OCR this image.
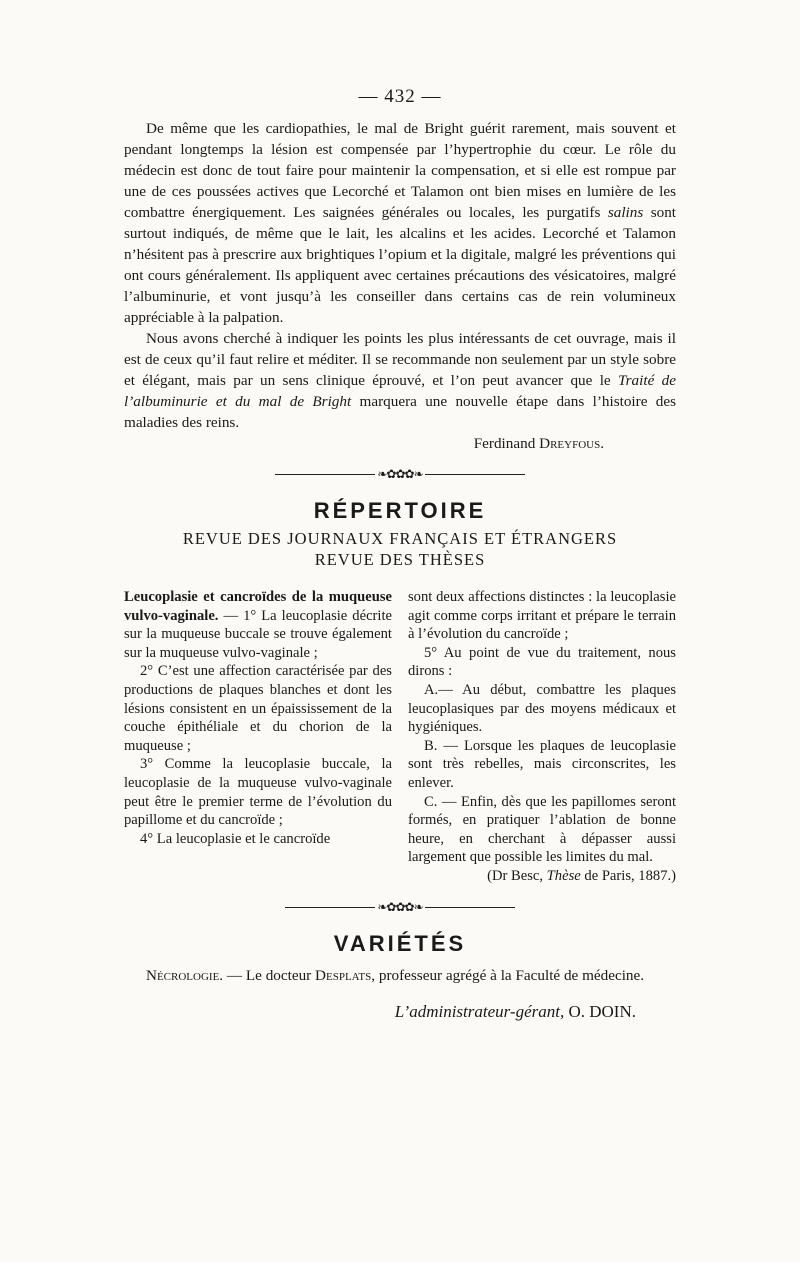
— 432 —

De même que les cardiopathies, le mal de Bright guérit rarement, mais souvent et pendant longtemps la lésion est compensée par l’hypertrophie du cœur. Le rôle du médecin est donc de tout faire pour maintenir la compensation, et si elle est rompue par une de ces poussées actives que Lecorché et Talamon ont bien mises en lumière de les combattre énergiquement. Les saignées générales ou locales, les purgatifs salins sont surtout indiqués, de même que le lait, les alcalins et les acides. Lecorché et Talamon n’hésitent pas à prescrire aux brightiques l’opium et la digitale, malgré les préventions qui ont cours généralement. Ils appliquent avec certaines précautions des vésicatoires, malgré l’albuminurie, et vont jusqu’à les conseiller dans certains cas de rein volumineux appréciable à la palpation.

Nous avons cherché à indiquer les points les plus intéressants de cet ouvrage, mais il est de ceux qu’il faut relire et méditer. Il se recommande non seulement par un style sobre et élégant, mais par un sens clinique éprouvé, et l’on peut avancer que le Traité de l’albuminurie et du mal de Bright marquera une nouvelle étape dans l’histoire des maladies des reins.

Ferdinand Dreyfous.
❧✿✿✿❧
RÉPERTOIRE

REVUE DES JOURNAUX FRANÇAIS ET ÉTRANGERS

REVUE DES THÈSES

Leucoplasie et cancroïdes de la muqueuse vulvo-vaginale. — 1° La leucoplasie décrite sur la muqueuse buccale se trouve également sur la muqueuse vulvo-vaginale ;

2° C’est une affection caractérisée par des productions de plaques blanches et dont les lésions consistent en un épaississement de la couche épithéliale et du chorion de la muqueuse ;

3° Comme la leucoplasie buccale, la leucoplasie de la muqueuse vulvo-vaginale peut être le premier terme de l’évolution du papillome et du cancroïde ;

4° La leucoplasie et le cancroïde

sont deux affections distinctes : la leucoplasie agit comme corps irritant et prépare le terrain à l’évolution du cancroïde ;

5° Au point de vue du traitement, nous dirons :

A.— Au début, combattre les plaques leucoplasiques par des moyens médicaux et hygiéniques.

B. — Lorsque les plaques de leucoplasie sont très rebelles, mais circonscrites, les enlever.

C. — Enfin, dès que les papillomes seront formés, en pratiquer l’ablation de bonne heure, en cherchant à dépasser aussi largement que possible les limites du mal.

(Dr Besc, Thèse de Paris, 1887.)

❧✿✿✿❧
VARIÉTÉS

Nécrologie. — Le docteur Desplats, professeur agrégé à la Faculté de médecine.

L’administrateur-gérant, O. DOIN.
